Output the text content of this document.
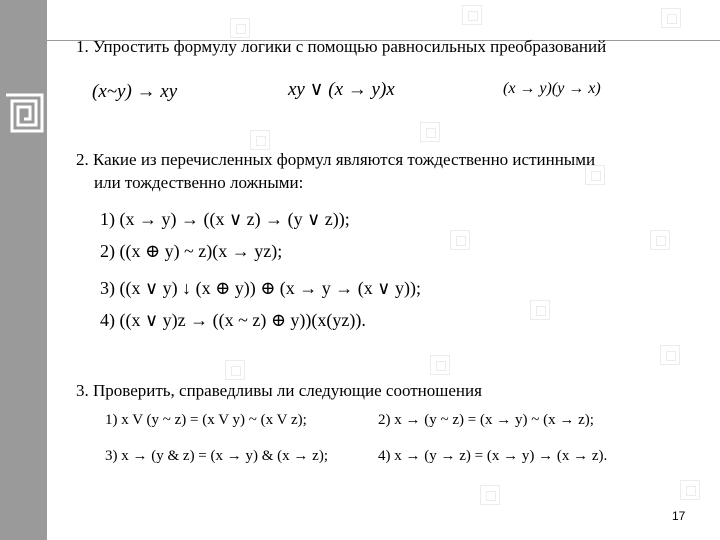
1. Упростить формулу логики с помощью равносильных преобразований
(x~y) → xy	xy ∨ (x → y)x	(x → y)(y → x)
2. Какие из перечисленных формул являются тождественно истинными
или тождественно ложными:
1) (x → y) → ((x ∨ z) → (y ∨ z));
2) ((x ⊕ y) ~ z)(x → yz);
3) ((x ∨ y) ↓ (x ⊕ y)) ⊕ (x → y → (x ∨ y));
4) ((x ∨ y)z → ((x ~ z) ⊕ y))(x(yz)).
3. Проверить, справедливы ли следующие соотношения
1) x V (y ~ z) = (x V y) ~ (x V z);	2) x → (y ~ z) = (x → y) ~ (x → z);
3) x → (y & z) = (x → y) & (x → z);	4) x → (y → z) = (x → y) → (x → z).
17
